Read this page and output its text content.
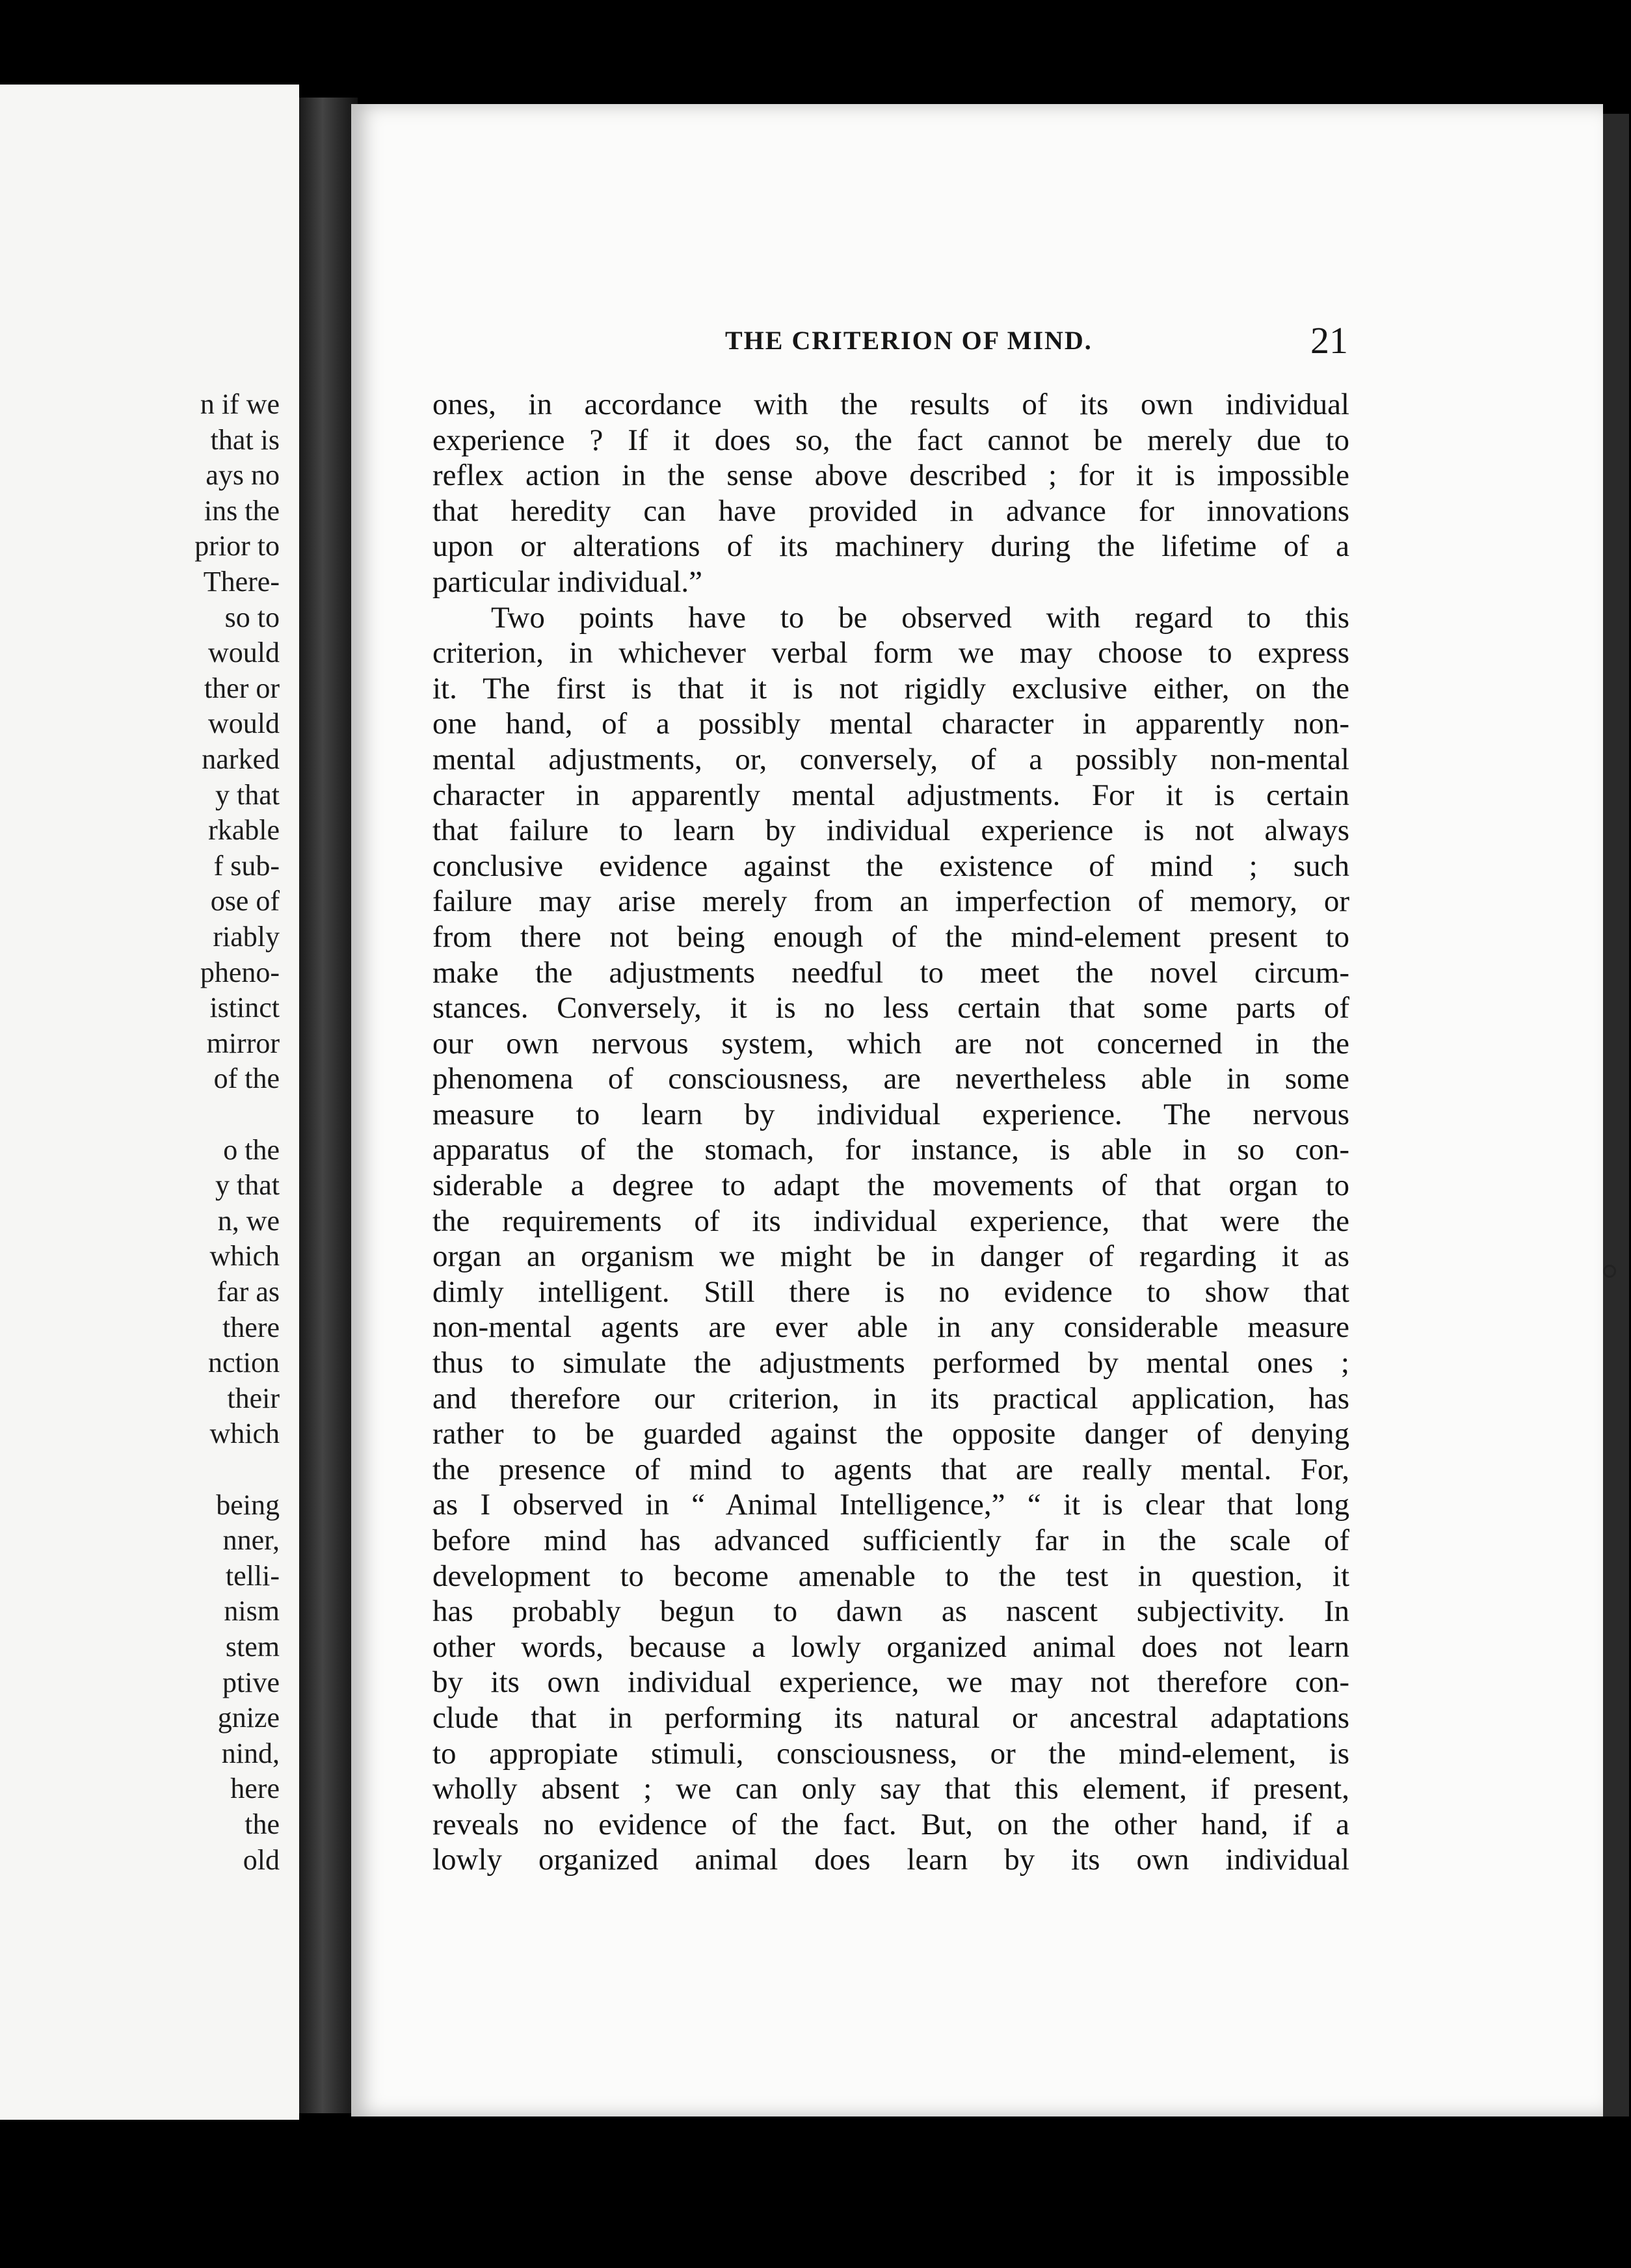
n if we
that is
ays no
ins the
prior to
There-
so to
would
ther or
would
narked
y that
rkable
f sub-
ose of
riably
pheno-
istinct
mirror
of the
o the
y that
n, we
which
far as
there
nction
their
which
being
nner,
telli-
nism
stem
ptive
gnize
nind,
here
the
old
THE CRITERION OF MIND.	21
ones, in accordance with the results of its own individual
experience ? If it does so, the fact cannot be merely due to
reflex action in the sense above described ; for it is impossible
that heredity can have provided in advance for innovations
upon or alterations of its machinery during the lifetime of a
particular individual.”
Two points have to be observed with regard to this
criterion, in whichever verbal form we may choose to express
it. The first is that it is not rigidly exclusive either, on the
one hand, of a possibly mental character in apparently non-
mental adjustments, or, conversely, of a possibly non-mental
character in apparently mental adjustments. For it is certain
that failure to learn by individual experience is not always
conclusive evidence against the existence of mind ; such
failure may arise merely from an imperfection of memory, or
from there not being enough of the mind-element present to
make the adjustments needful to meet the novel circum-
stances. Conversely, it is no less certain that some parts of
our own nervous system, which are not concerned in the
phenomena of consciousness, are nevertheless able in some
measure to learn by individual experience. The nervous
apparatus of the stomach, for instance, is able in so con-
siderable a degree to adapt the movements of that organ to
the requirements of its individual experience, that were the
organ an organism we might be in danger of regarding it as
dimly intelligent. Still there is no evidence to show that
non-mental agents are ever able in any considerable measure
thus to simulate the adjustments performed by mental ones ;
and therefore our criterion, in its practical application, has
rather to be guarded against the opposite danger of denying
the presence of mind to agents that are really mental. For,
as I observed in “ Animal Intelligence,” “ it is clear that long
before mind has advanced sufficiently far in the scale of
development to become amenable to the test in question, it
has probably begun to dawn as nascent subjectivity. In
other words, because a lowly organized animal does not learn
by its own individual experience, we may not therefore con-
clude that in performing its natural or ancestral adaptations
to appropiate stimuli, consciousness, or the mind-element, is
wholly absent ; we can only say that this element, if present,
reveals no evidence of the fact. But, on the other hand, if a
lowly organized animal does learn by its own individual
